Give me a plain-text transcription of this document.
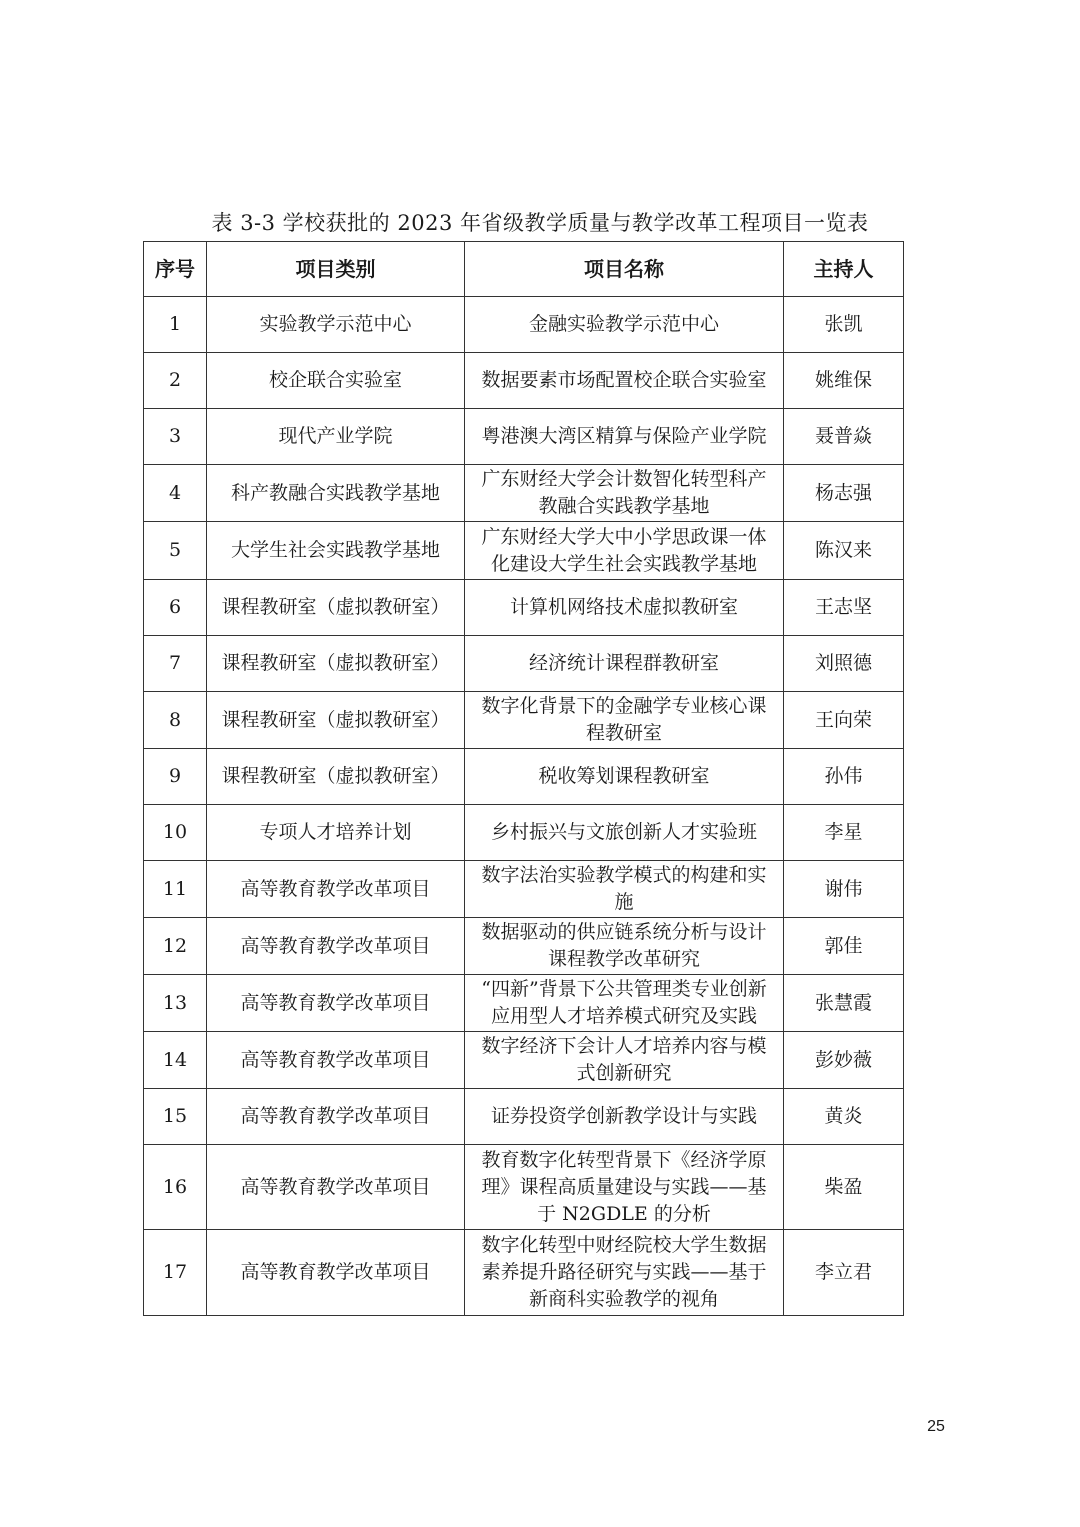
表 3-3 学校获批的 2023 年省级教学质量与教学改革工程项目一览表
序号	项目类别	项目名称	主持人
1	实验教学示范中心	金融实验教学示范中心	张凯
2	校企联合实验室	数据要素市场配置校企联合实验室	姚维保
3	现代产业学院	粤港澳大湾区精算与保险产业学院	聂普焱
4	科产教融合实践教学基地	广东财经大学会计数智化转型科产教融合实践教学基地	杨志强
5	大学生社会实践教学基地	广东财经大学大中小学思政课一体化建设大学生社会实践教学基地	陈汉来
6	课程教研室（虚拟教研室）	计算机网络技术虚拟教研室	王志坚
7	课程教研室（虚拟教研室）	经济统计课程群教研室	刘照德
8	课程教研室（虚拟教研室）	数字化背景下的金融学专业核心课程教研室	王向荣
9	课程教研室（虚拟教研室）	税收筹划课程教研室	孙伟
10	专项人才培养计划	乡村振兴与文旅创新人才实验班	李星
11	高等教育教学改革项目	数字法治实验教学模式的构建和实施	谢伟
12	高等教育教学改革项目	数据驱动的供应链系统分析与设计课程教学改革研究	郭佳
13	高等教育教学改革项目	“四新”背景下公共管理类专业创新应用型人才培养模式研究及实践	张慧霞
14	高等教育教学改革项目	数字经济下会计人才培养内容与模式创新研究	彭妙薇
15	高等教育教学改革项目	证券投资学创新教学设计与实践	黄炎
16	高等教育教学改革项目	教育数字化转型背景下《经济学原理》课程高质量建设与实践——基于 N2GDLE 的分析	柴盈
17	高等教育教学改革项目	数字化转型中财经院校大学生数据素养提升路径研究与实践——基于新商科实验教学的视角	李立君
25
